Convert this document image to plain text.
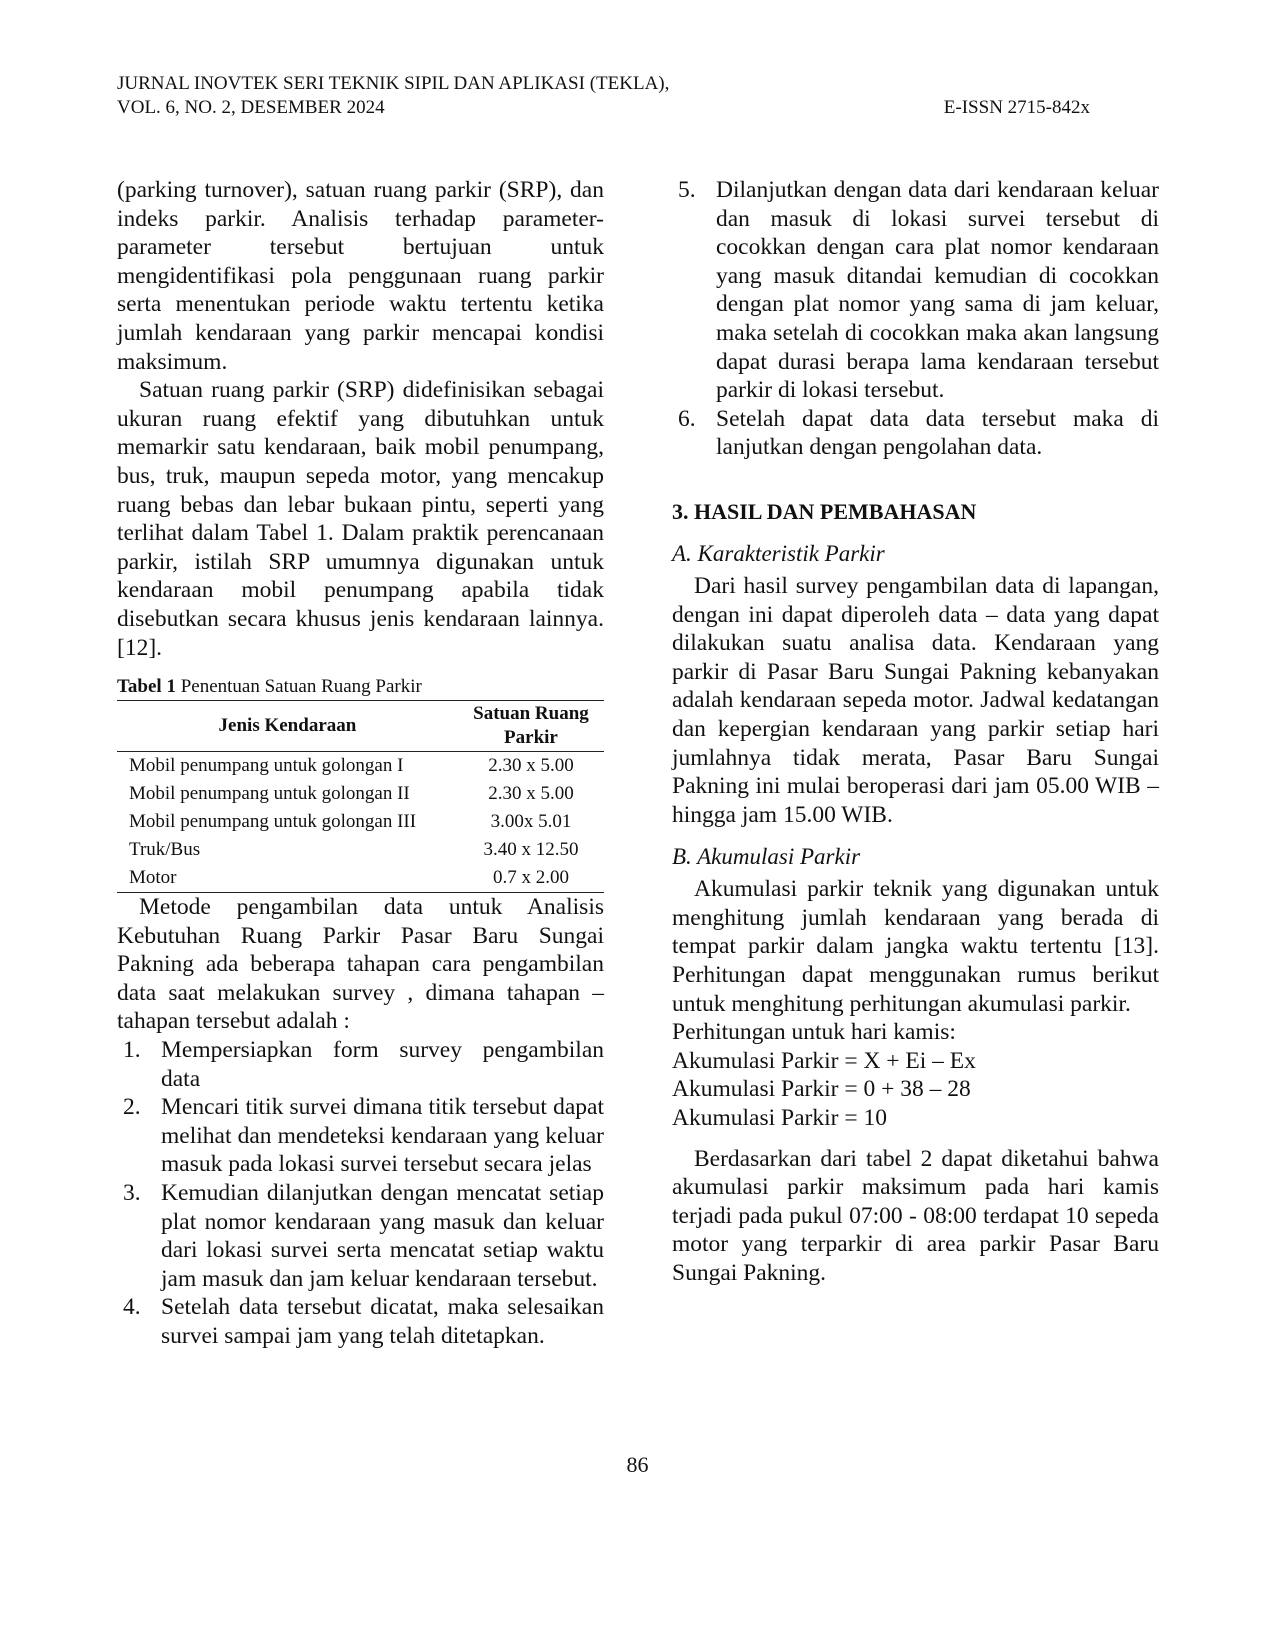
JURNAL INOVTEK SERI TEKNIK SIPIL DAN APLIKASI (TEKLA),
VOL. 6, NO. 2, DESEMBER 2024	E-ISSN 2715-842x

(parking turnover), satuan ruang parkir (SRP), dan indeks parkir. Analisis terhadap parameter-parameter tersebut bertujuan untuk mengidentifikasi pola penggunaan ruang parkir serta menentukan periode waktu tertentu ketika jumlah kendaraan yang parkir mencapai kondisi maksimum.

Satuan ruang parkir (SRP) didefinisikan sebagai ukuran ruang efektif yang dibutuhkan untuk memarkir satu kendaraan, baik mobil penumpang, bus, truk, maupun sepeda motor, yang mencakup ruang bebas dan lebar bukaan pintu, seperti yang terlihat dalam Tabel 1. Dalam praktik perencanaan parkir, istilah SRP umumnya digunakan untuk kendaraan mobil penumpang apabila tidak disebutkan secara khusus jenis kendaraan lainnya. [12].

Tabel 1 Penentuan Satuan Ruang Parkir
Jenis Kendaraan	Satuan Ruang Parkir
Mobil penumpang untuk golongan I	2.30 x 5.00
Mobil penumpang untuk golongan II	2.30 x 5.00
Mobil penumpang untuk golongan III	3.00x 5.01
Truk/Bus	3.40 x 12.50
Motor	0.7 x 2.00

Metode pengambilan data untuk Analisis Kebutuhan Ruang Parkir Pasar Baru Sungai Pakning ada beberapa tahapan cara pengambilan data saat melakukan survey , dimana tahapan – tahapan tersebut adalah :

1. Mempersiapkan form survey pengambilan data
2. Mencari titik survei dimana titik tersebut dapat melihat dan mendeteksi kendaraan yang keluar masuk pada lokasi survei tersebut secara jelas
3. Kemudian dilanjutkan dengan mencatat setiap plat nomor kendaraan yang masuk dan keluar dari lokasi survei serta mencatat setiap waktu jam masuk dan jam keluar kendaraan tersebut.
4. Setelah data tersebut dicatat, maka selesaikan survei sampai jam yang telah ditetapkan.
5. Dilanjutkan dengan data dari kendaraan keluar dan masuk di lokasi survei tersebut di cocokkan dengan cara plat nomor kendaraan yang masuk ditandai kemudian di cocokkan dengan plat nomor yang sama di jam keluar, maka setelah di cocokkan maka akan langsung dapat durasi berapa lama kendaraan tersebut parkir di lokasi tersebut.
6. Setelah dapat data data tersebut maka di lanjutkan dengan pengolahan data.
3. HASIL DAN PEMBAHASAN
A. Karakteristik Parkir

Dari hasil survey pengambilan data di lapangan, dengan ini dapat diperoleh data – data yang dapat dilakukan suatu analisa data. Kendaraan yang parkir di Pasar Baru Sungai Pakning kebanyakan adalah kendaraan sepeda motor. Jadwal kedatangan dan kepergian kendaraan yang parkir setiap hari jumlahnya tidak merata, Pasar Baru Sungai Pakning ini mulai beroperasi dari jam 05.00 WIB – hingga jam 15.00 WIB.

B. Akumulasi Parkir

Akumulasi parkir teknik yang digunakan untuk menghitung jumlah kendaraan yang berada di tempat parkir dalam jangka waktu tertentu [13]. Perhitungan dapat menggunakan rumus berikut untuk menghitung perhitungan akumulasi parkir.

Perhitungan untuk hari kamis:
Akumulasi Parkir = X + Ei – Ex
Akumulasi Parkir = 0 + 38 – 28
Akumulasi Parkir = 10

Berdasarkan dari tabel 2 dapat diketahui bahwa akumulasi parkir maksimum pada hari kamis terjadi pada pukul 07:00 - 08:00 terdapat 10 sepeda motor yang terparkir di area parkir Pasar Baru Sungai Pakning.

86
